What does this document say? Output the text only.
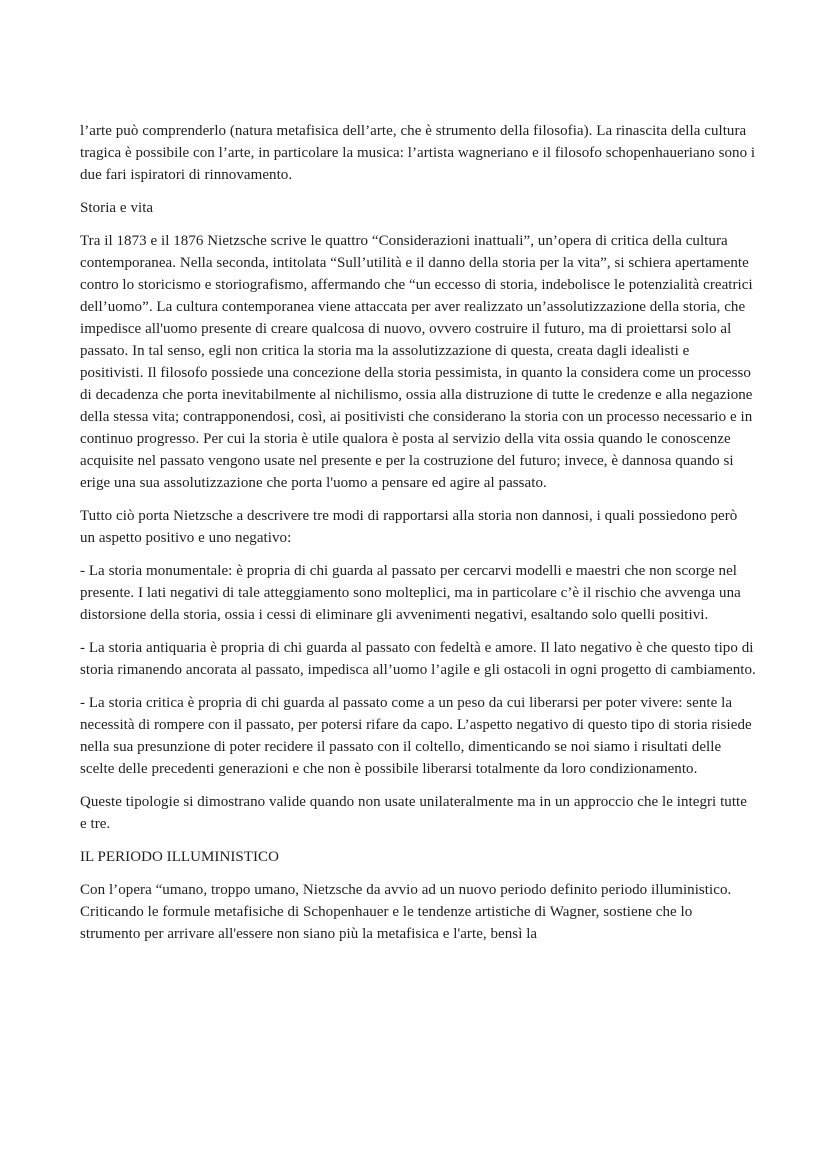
l’arte può comprenderlo (natura metafisica dell’arte, che è strumento della filosofia). La rinascita della cultura tragica è possibile con l’arte, in particolare la musica: l’artista wagneriano e il filosofo schopenhaueriano sono i due fari ispiratori di rinnovamento.

Storia e vita

Tra il 1873 e il 1876 Nietzsche scrive le quattro “Considerazioni inattuali”, un’opera di critica della cultura contemporanea. Nella seconda, intitolata “Sull’utilità e il danno della storia per la vita”, si schiera apertamente contro lo storicismo e storiografismo, affermando che “un eccesso di storia, indebolisce le potenzialità creatrici dell’uomo”. La cultura contemporanea viene attaccata per aver realizzato un’assolutizzazione della storia, che impedisce all'uomo presente di creare qualcosa di nuovo, ovvero costruire il futuro, ma di proiettarsi solo al passato. In tal senso, egli non critica la storia ma la assolutizzazione di questa, creata dagli idealisti e positivisti. Il filosofo possiede una concezione della storia pessimista, in quanto la considera come un processo di decadenza che porta inevitabilmente al nichilismo, ossia alla distruzione di tutte le credenze e alla negazione della stessa vita; contrapponendosi, così, ai positivisti che considerano la storia con un processo necessario e in continuo progresso. Per cui la storia è utile qualora è posta al servizio della vita ossia quando le conoscenze acquisite nel passato vengono usate nel presente e per la costruzione del futuro; invece, è dannosa quando si erige una sua assolutizzazione che porta l'uomo a pensare ed agire al passato.

Tutto ciò porta Nietzsche a descrivere tre modi di rapportarsi alla storia non dannosi, i quali possiedono però un aspetto positivo e uno negativo:

- La storia monumentale: è propria di chi guarda al passato per cercarvi modelli e maestri che non scorge nel presente. I lati negativi di tale atteggiamento sono molteplici, ma in particolare c’è il rischio che avvenga una distorsione della storia, ossia i cessi di eliminare gli avvenimenti negativi, esaltando solo quelli positivi.

- La storia antiquaria è propria di chi guarda al passato con fedeltà e amore. Il lato negativo è che questo tipo di storia rimanendo ancorata al passato, impedisca all’uomo l’agile e gli ostacoli in ogni progetto di cambiamento.

- La storia critica è propria di chi guarda al passato come a un peso da cui liberarsi per poter vivere: sente la necessità di rompere con il passato, per potersi rifare da capo. L’aspetto negativo di questo tipo di storia risiede nella sua presunzione di poter recidere il passato con il coltello, dimenticando se noi siamo i risultati delle scelte delle precedenti generazioni e che non è possibile liberarsi totalmente da loro condizionamento.

Queste tipologie si dimostrano valide quando non usate unilateralmente ma in un approccio che le integri tutte e tre.

IL PERIODO ILLUMINISTICO

Con l’opera “umano, troppo umano, Nietzsche da avvio ad un nuovo periodo definito periodo illuministico. Criticando le formule metafisiche di Schopenhauer e le tendenze artistiche di Wagner, sostiene che lo strumento per arrivare all'essere non siano più la metafisica e l'arte, bensì la
